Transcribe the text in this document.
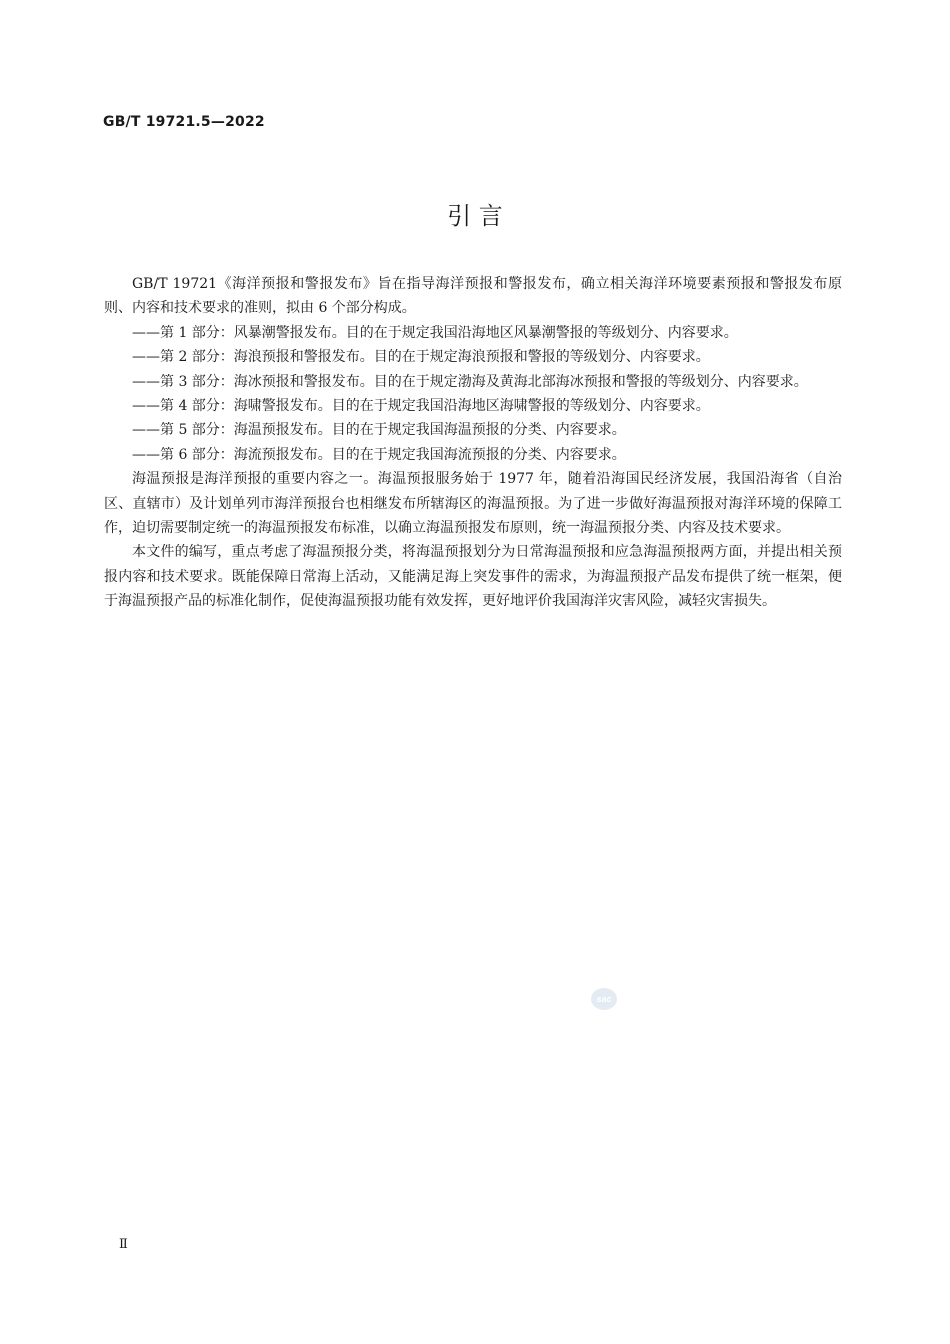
GB/T 19721.5—2022
引 言

GB/T 19721《海洋预报和警报发布》旨在指导海洋预报和警报发布，确立相关海洋环境要素预报和警报发布原则、内容和技术要求的准则，拟由 6 个部分构成。

——第 1 部分：风暴潮警报发布。目的在于规定我国沿海地区风暴潮警报的等级划分、内容要求。

——第 2 部分：海浪预报和警报发布。目的在于规定海浪预报和警报的等级划分、内容要求。

——第 3 部分：海冰预报和警报发布。目的在于规定渤海及黄海北部海冰预报和警报的等级划分、内容要求。

——第 4 部分：海啸警报发布。目的在于规定我国沿海地区海啸警报的等级划分、内容要求。

——第 5 部分：海温预报发布。目的在于规定我国海温预报的分类、内容要求。

——第 6 部分：海流预报发布。目的在于规定我国海流预报的分类、内容要求。

海温预报是海洋预报的重要内容之一。海温预报服务始于 1977 年，随着沿海国民经济发展，我国沿海省（自治区、直辖市）及计划单列市海洋预报台也相继发布所辖海区的海温预报。为了进一步做好海温预报对海洋环境的保障工作，迫切需要制定统一的海温预报发布标准，以确立海温预报发布原则，统一海温预报分类、内容及技术要求。

本文件的编写，重点考虑了海温预报分类，将海温预报划分为日常海温预报和应急海温预报两方面，并提出相关预报内容和技术要求。既能保障日常海上活动，又能满足海上突发事件的需求，为海温预报产品发布提供了统一框架，便于海温预报产品的标准化制作，促使海温预报功能有效发挥，更好地评价我国海洋灾害风险，减轻灾害损失。

sac
Ⅱ
